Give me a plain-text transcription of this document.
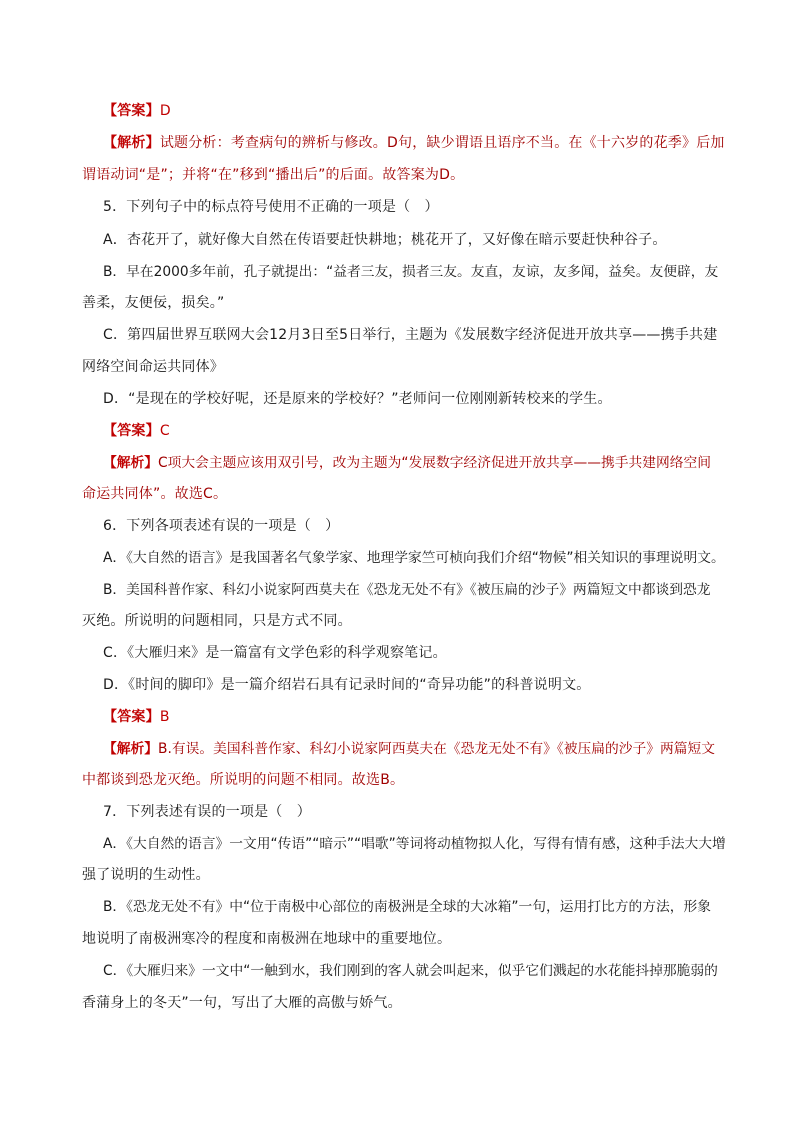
【答案】D
【解析】试题分析：考查病句的辨析与修改。D句，缺少谓语且语序不当。在《十六岁的花季》后加
谓语动词“是”；并将“在”移到“播出后”的后面。故答案为D。
5．下列句子中的标点符号使用不正确的一项是（　）
A．杏花开了，就好像大自然在传语要赶快耕地；桃花开了，又好像在暗示要赶快种谷子。
B．早在2000多年前，孔子就提出：“益者三友，损者三友。友直，友谅，友多闻，益矣。友便辟，友
善柔，友便佞，损矣。”
C．第四届世界互联网大会12月3日至5日举行，主题为《发展数字经济促进开放共享——携手共建
网络空间命运共同体》
D．“是现在的学校好呢，还是原来的学校好？”老师问一位刚刚新转校来的学生。
【答案】C
【解析】C项大会主题应该用双引号，改为主题为“发展数字经济促进开放共享——携手共建网络空间
命运共同体”。故选C。
6．下列各项表述有误的一项是（　）
A．《大自然的语言》是我国著名气象学家、地理学家竺可桢向我们介绍“物候”相关知识的事理说明文。
B．美国科普作家、科幻小说家阿西莫夫在《恐龙无处不有》《被压扁的沙子》两篇短文中都谈到恐龙
灭绝。所说明的问题相同，只是方式不同。
C．《大雁归来》是一篇富有文学色彩的科学观察笔记。
D．《时间的脚印》是一篇介绍岩石具有记录时间的“奇异功能”的科普说明文。
【答案】B
【解析】B.有误。美国科普作家、科幻小说家阿西莫夫在《恐龙无处不有》《被压扁的沙子》两篇短文
中都谈到恐龙灭绝。所说明的问题不相同。故选B。
7．下列表述有误的一项是（　）
A．《大自然的语言》一文用“传语”“暗示”“唱歌”等词将动植物拟人化，写得有情有感，这种手法大大增
强了说明的生动性。
B．《恐龙无处不有》中“位于南极中心部位的南极洲是全球的大冰箱”一句，运用打比方的方法，形象
地说明了南极洲寒冷的程度和南极洲在地球中的重要地位。
C．《大雁归来》一文中“一触到水，我们刚到的客人就会叫起来，似乎它们溅起的水花能抖掉那脆弱的
香蒲身上的冬天”一句，写出了大雁的高傲与娇气。
